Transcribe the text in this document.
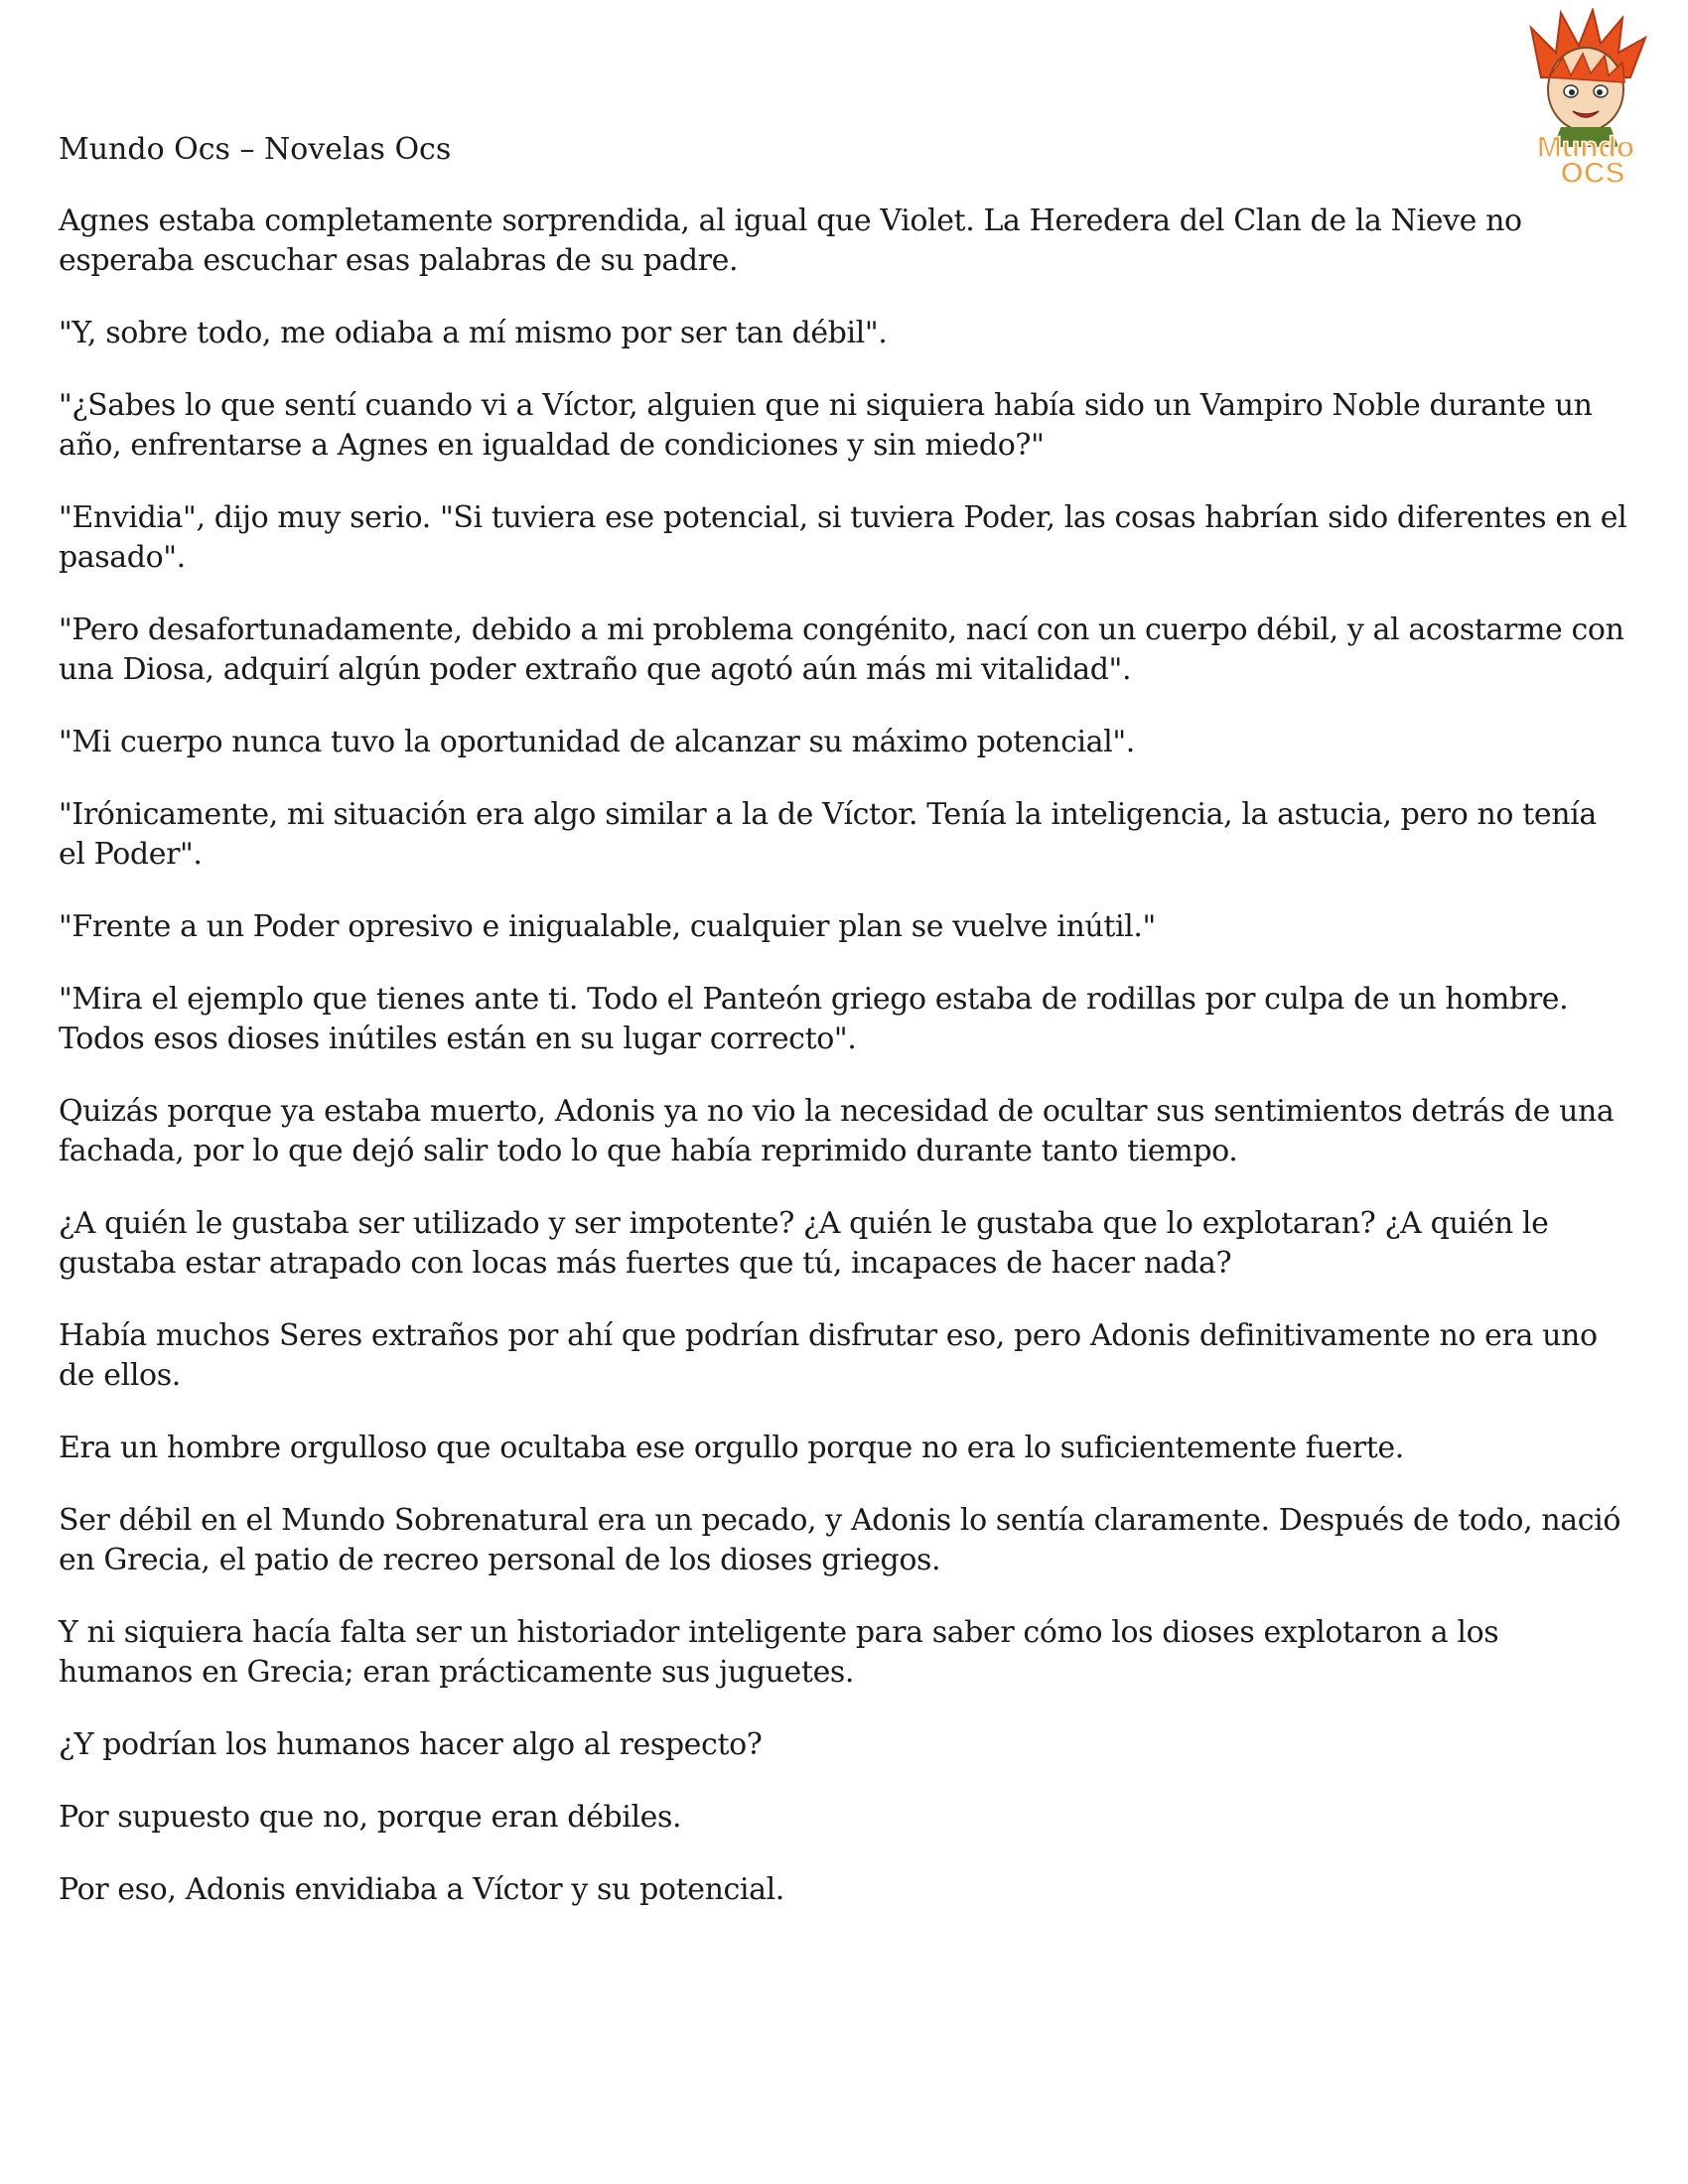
Mundo Ocs – Novelas Ocs	Mundo
OCS

Agnes estaba completamente sorprendida, al igual que Violet. La Heredera del Clan de la Nieve no esperaba escuchar esas palabras de su padre.

"Y, sobre todo, me odiaba a mí mismo por ser tan débil".

"¿Sabes lo que sentí cuando vi a Víctor, alguien que ni siquiera había sido un Vampiro Noble durante un año, enfrentarse a Agnes en igualdad de condiciones y sin miedo?"

"Envidia", dijo muy serio. "Si tuviera ese potencial, si tuviera Poder, las cosas habrían sido diferentes en el pasado".

"Pero desafortunadamente, debido a mi problema congénito, nací con un cuerpo débil, y al acostarme con una Diosa, adquirí algún poder extraño que agotó aún más mi vitalidad".

"Mi cuerpo nunca tuvo la oportunidad de alcanzar su máximo potencial".

"Irónicamente, mi situación era algo similar a la de Víctor. Tenía la inteligencia, la astucia, pero no tenía el Poder".

"Frente a un Poder opresivo e inigualable, cualquier plan se vuelve inútil."

"Mira el ejemplo que tienes ante ti. Todo el Panteón griego estaba de rodillas por culpa de un hombre. Todos esos dioses inútiles están en su lugar correcto".

Quizás porque ya estaba muerto, Adonis ya no vio la necesidad de ocultar sus sentimientos detrás de una fachada, por lo que dejó salir todo lo que había reprimido durante tanto tiempo.

¿A quién le gustaba ser utilizado y ser impotente? ¿A quién le gustaba que lo explotaran? ¿A quién le gustaba estar atrapado con locas más fuertes que tú, incapaces de hacer nada?

Había muchos Seres extraños por ahí que podrían disfrutar eso, pero Adonis definitivamente no era uno de ellos.

Era un hombre orgulloso que ocultaba ese orgullo porque no era lo suficientemente fuerte.

Ser débil en el Mundo Sobrenatural era un pecado, y Adonis lo sentía claramente. Después de todo, nació en Grecia, el patio de recreo personal de los dioses griegos.

Y ni siquiera hacía falta ser un historiador inteligente para saber cómo los dioses explotaron a los humanos en Grecia; eran prácticamente sus juguetes.

¿Y podrían los humanos hacer algo al respecto?

Por supuesto que no, porque eran débiles.

Por eso, Adonis envidiaba a Víctor y su potencial.
